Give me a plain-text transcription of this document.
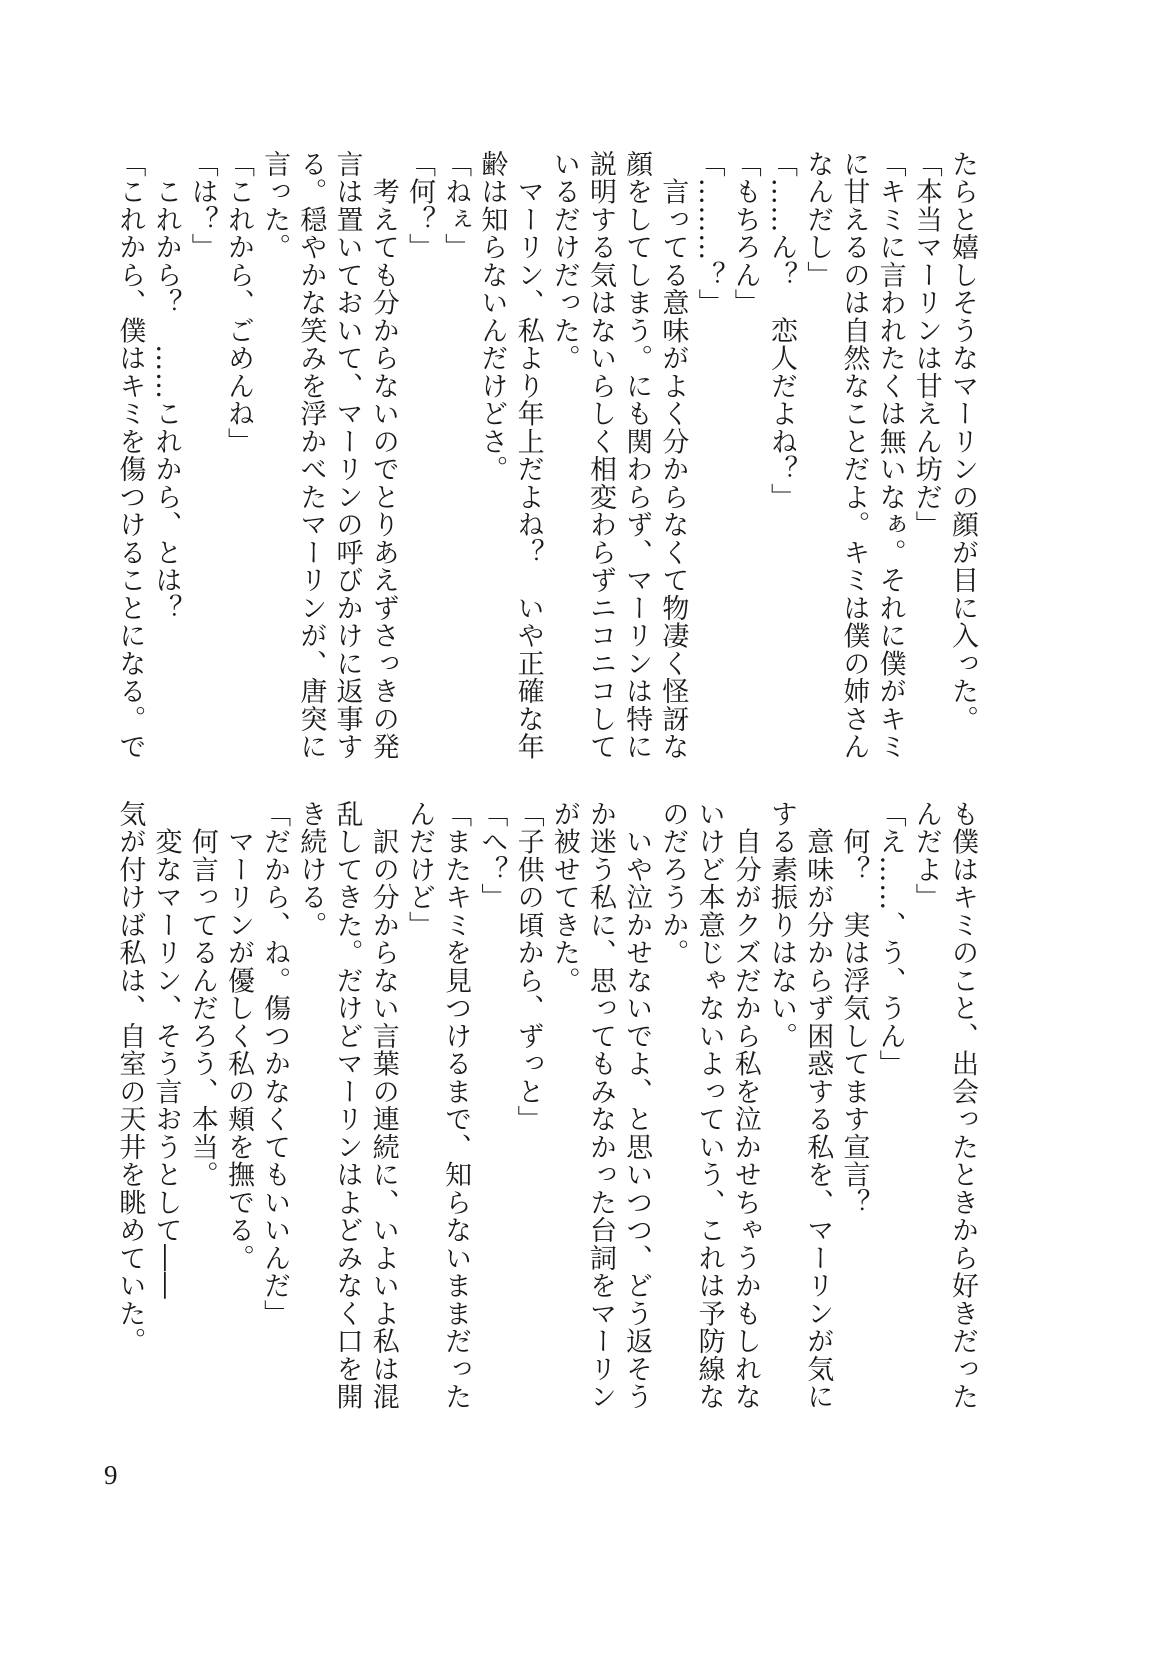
たらと嬉しそうなマーリンの顔が目に入った。
「本当マーリンは甘えん坊だ」
「キミに言われたくは無いなぁ。それに僕がキミ
に甘えるのは自然なことだよ。キミは僕の姉さん
なんだし」
「……ん？　恋人だよね？」
「もちろん」
「………？」
　言ってる意味がよく分からなくて物凄く怪訝な
顔をしてしまう。にも関わらず、マーリンは特に
説明する気はないらしく相変わらずニコニコして
いるだけだった。
　マーリン、私より年上だよね？　いや正確な年
齢は知らないんだけどさ。
「ねぇ」
「何？」
　考えても分からないのでとりあえずさっきの発
言は置いておいて、マーリンの呼びかけに返事す
る。穏やかな笑みを浮かべたマーリンが、唐突に
言った。
「これから、ごめんね」
「は？」
　これから？　……これから、とは？
「これから、僕はキミを傷つけることになる。で
も僕はキミのこと、出会ったときから好きだった
んだよ」
「え……、う、うん」
　何？　実は浮気してます宣言？
　意味が分からず困惑する私を、マーリンが気に
する素振りはない。
　自分がクズだから私を泣かせちゃうかもしれな
いけど本意じゃないよっていう、これは予防線な
のだろうか。
　いや泣かせないでよ、と思いつつ、どう返そう
か迷う私に、思ってもみなかった台詞をマーリン
が被せてきた。
「子供の頃から、ずっと」
「へ？」
「またキミを見つけるまで、知らないままだった
んだけど」
　訳の分からない言葉の連続に、いよいよ私は混
乱してきた。だけどマーリンはよどみなく口を開
き続ける。
「だから、ね。傷つかなくてもいいんだ」
　マーリンが優しく私の頬を撫でる。
　何言ってるんだろう、本当。
　変なマーリン、そう言おうとして――
気が付けば私は、自室の天井を眺めていた。
9
